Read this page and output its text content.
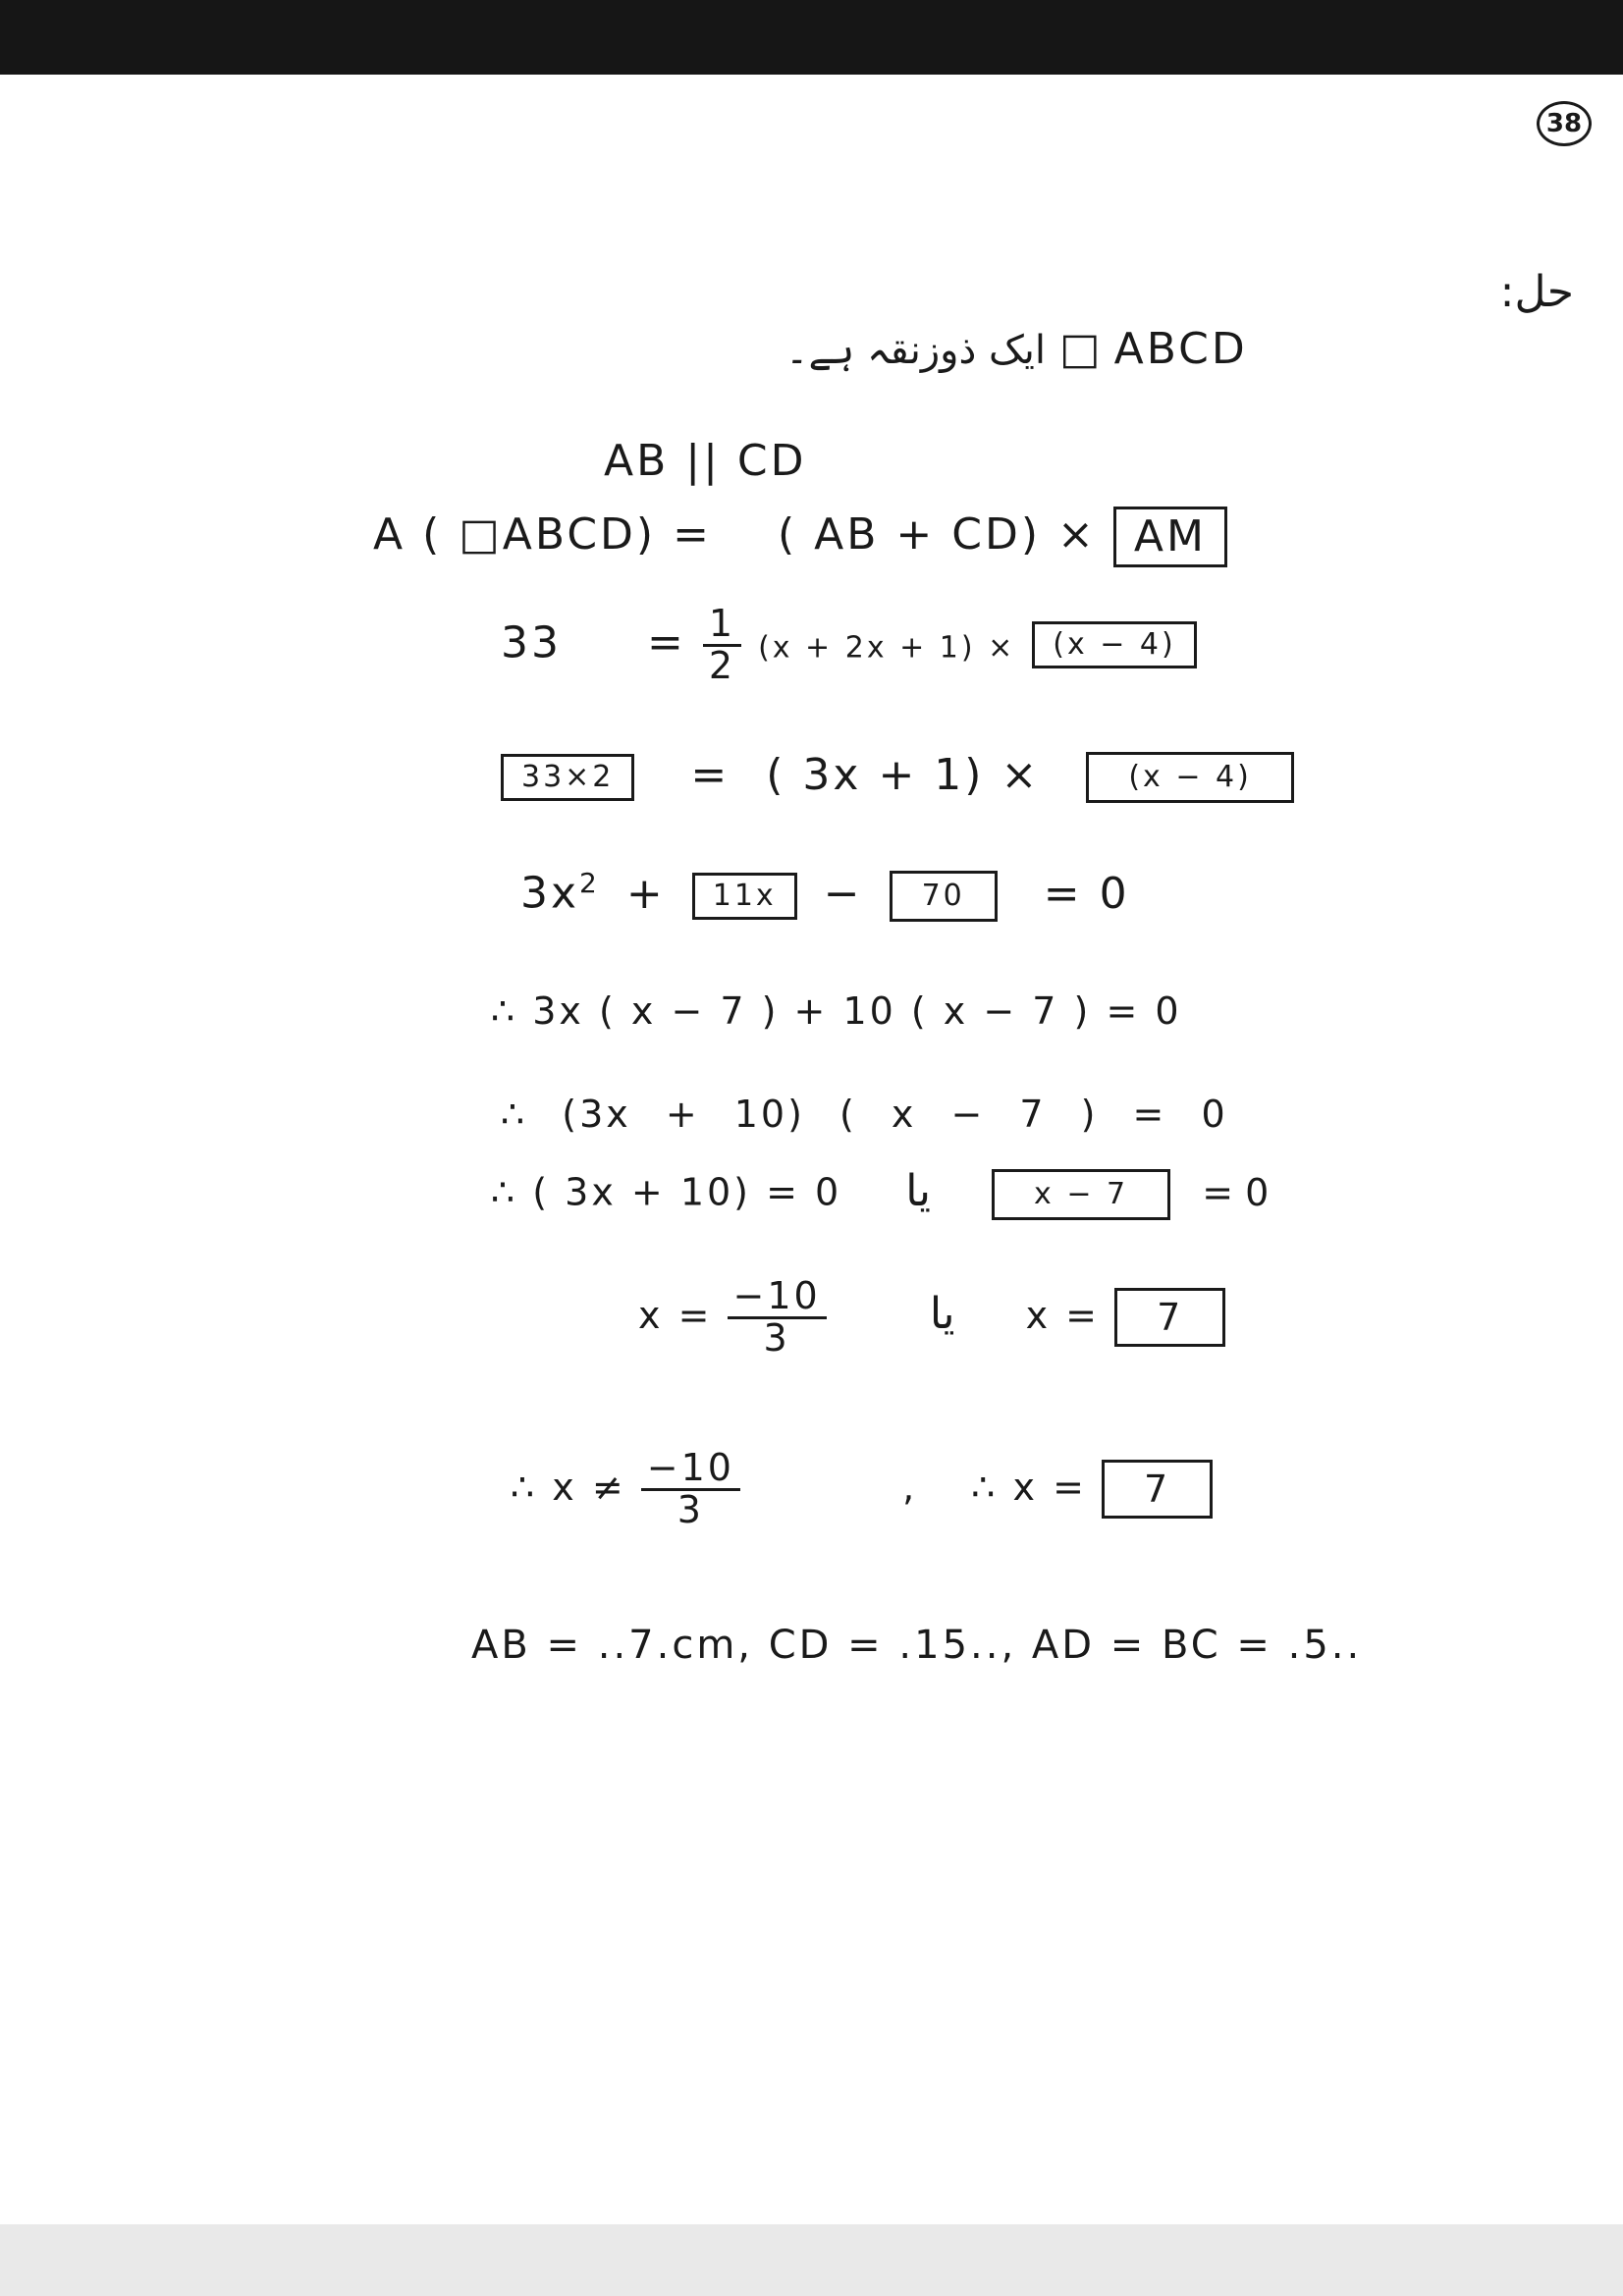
38
حل:
ایک ذوزنقہ ہے۔ □ ABCD
AB || CD
A ( □ABCD) = ( AB + CD) × AM
$33 = \frac{1}{2} (x + 2x + 1) \times (x - 4)$
33×2 = ( 3x + 1) ×	(x − 4)
$3x^2 + 11x - 70 = 0$
∴ 3x ( x − 7 ) + 10 ( x − 7 ) = 0
∴ (3x + 10) ( x − 7 ) = 0
∴ ( 3x + 10) = 0 یا	x − 7 = 0
$x = \frac{-10}{3}$ یا x = 7
∴ $x \ne \frac{-10}{3}$	, ∴ x = 7
AB = ..7.cm, CD = .15.., AD = BC = .5..
